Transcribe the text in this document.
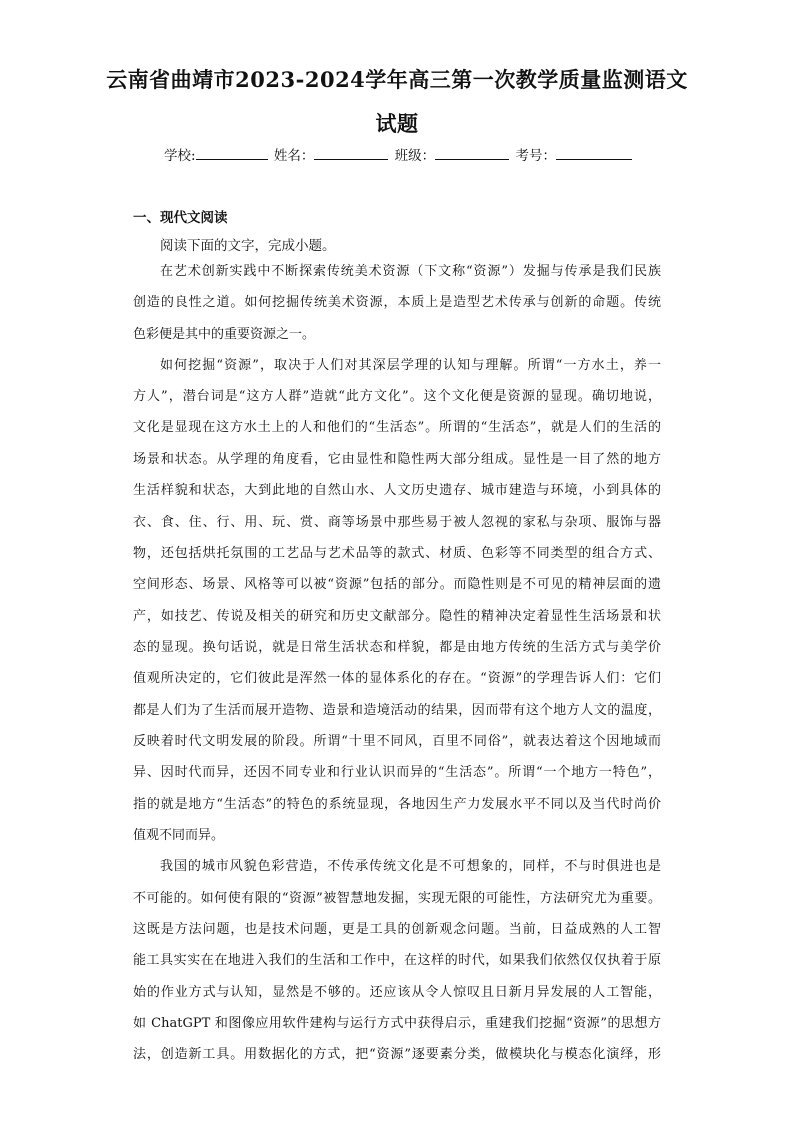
云南省曲靖市2023-2024学年高三第一次教学质量监测语文
试题
学校:	姓名：	班级：	考号：
一、现代文阅读
阅读下面的文字，完成小题。
在艺术创新实践中不断探索传统美术资源（下文称“资源”）发掘与传承是我们民族
创造的良性之道。如何挖掘传统美术资源，本质上是造型艺术传承与创新的命题。传统
色彩便是其中的重要资源之一。
如何挖掘“资源”，取决于人们对其深层学理的认知与理解。所谓“一方水土，养一
方人”，潜台词是“这方人群”造就“此方文化”。这个文化便是资源的显现。确切地说，
文化是显现在这方水土上的人和他们的“生活态”。所谓的“生活态”，就是人们的生活的
场景和状态。从学理的角度看，它由显性和隐性两大部分组成。显性是一目了然的地方
生活样貌和状态，大到此地的自然山水、人文历史遗存、城市建造与环境，小到具体的
衣、食、住、行、用、玩、赏、商等场景中那些易于被人忽视的家私与杂项、服饰与器
物，还包括烘托氛围的工艺品与艺术品等的款式、材质、色彩等不同类型的组合方式、
空间形态、场景、风格等可以被“资源”包括的部分。而隐性则是不可见的精神层面的遗
产，如技艺、传说及相关的研究和历史文献部分。隐性的精神决定着显性生活场景和状
态的显现。换句话说，就是日常生活状态和样貌，都是由地方传统的生活方式与美学价
值观所决定的，它们彼此是浑然一体的显体系化的存在。“资源”的学理告诉人们：它们
都是人们为了生活而展开造物、造景和造境活动的结果，因而带有这个地方人文的温度，
反映着时代文明发展的阶段。所谓“十里不同风，百里不同俗”，就表达着这个因地域而
异、因时代而异，还因不同专业和行业认识而异的“生活态”。所谓“一个地方一特色”，
指的就是地方“生活态”的特色的系统显现，各地因生产力发展水平不同以及当代时尚价
值观不同而异。
我国的城市风貌色彩营造，不传承传统文化是不可想象的，同样，不与时俱进也是
不可能的。如何使有限的“资源”被智慧地发掘，实现无限的可能性，方法研究尤为重要。
这既是方法问题，也是技术问题，更是工具的创新观念问题。当前，日益成熟的人工智
能工具实实在在地进入我们的生活和工作中，在这样的时代，如果我们依然仅仅执着于原
始的作业方式与认知，显然是不够的。还应该从令人惊叹且日新月异发展的人工智能，
如 ChatGPT 和图像应用软件建构与运行方式中获得启示，重建我们挖掘“资源”的思想方
法，创造新工具。用数据化的方式，把“资源”逐要素分类，做模块化与模态化演绎，形
